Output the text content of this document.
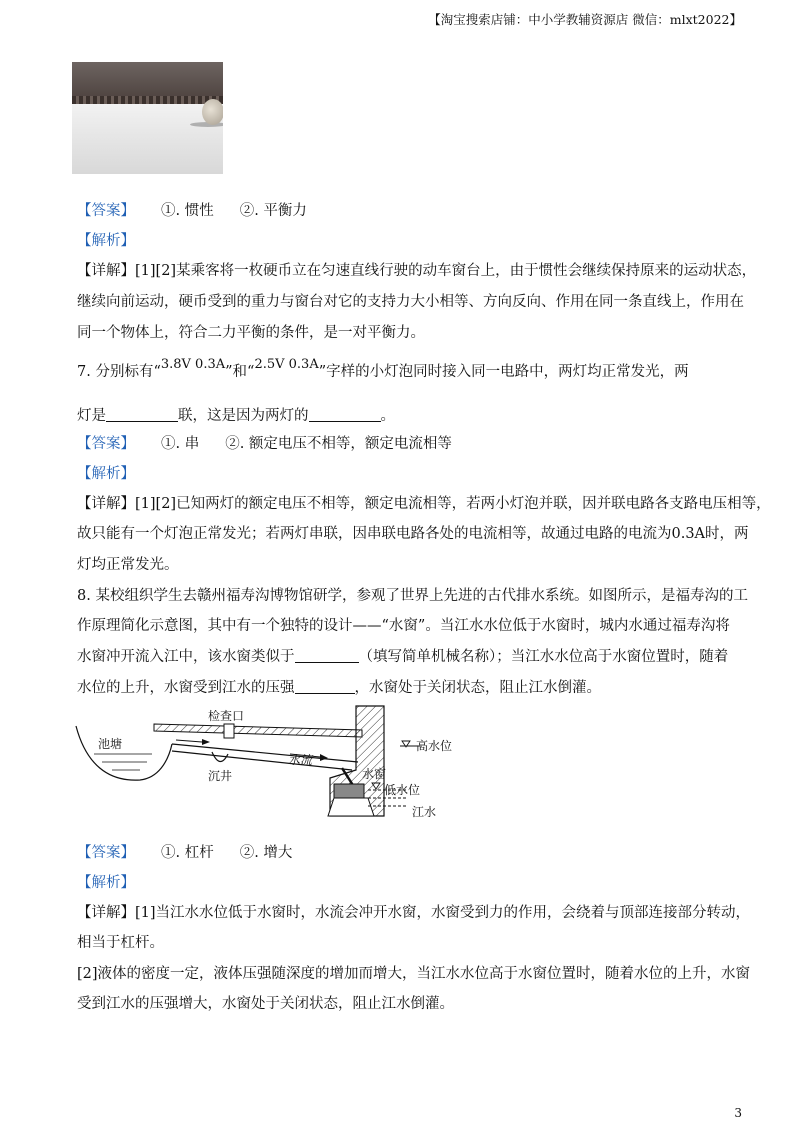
【淘宝搜索店铺：中小学教辅资源店 微信：mlxt2022】
【答案】 ①. 惯性 ②. 平衡力
【解析】
【详解】[1][2]某乘客将一枚硬币立在匀速直线行驶的动车窗台上，由于惯性会继续保持原来的运动状态，
继续向前运动，硬币受到的重力与窗台对它的支持力大小相等、方向反向、作用在同一条直线上，作用在
同一个物体上，符合二力平衡的条件，是一对平衡力。
7. 分别标有“3.8V 0.3A”和“2.5V 0.3A”字样的小灯泡同时接入同一电路中，两灯均正常发光，两
灯是	联，这是因为两灯的	。
【答案】 ①. 串 ②. 额定电压不相等，额定电流相等
【解析】
【详解】[1][2]已知两灯的额定电压不相等，额定电流相等，若两小灯泡并联，因并联电路各支路电压相等，
故只能有一个灯泡正常发光；若两灯串联，因串联电路各处的电流相等，故通过电路的电流为0.3A时，两
灯均正常发光。
8. 某校组织学生去赣州福寿沟博物馆研学，参观了世界上先进的古代排水系统。如图所示，是福寿沟的工
作原理简化示意图，其中有一个独特的设计——“水窗”。当江水水位低于水窗时，城内水通过福寿沟将
水窗冲开流入江中，该水窗类似于	（填写简单机械名称）；当江水水位高于水窗位置时，随着
水位的上升，水窗受到江水的压强	，水窗处于关闭状态，阻止江水倒灌。
池塘
检查口
沉井
水流
水窗
高水位
低水位
江水
【答案】 ①. 杠杆 ②. 增大
【解析】
【详解】[1]当江水水位低于水窗时，水流会冲开水窗，水窗受到力的作用，会绕着与顶部连接部分转动，
相当于杠杆。
[2]液体的密度一定，液体压强随深度的增加而增大，当江水水位高于水窗位置时，随着水位的上升，水窗
受到江水的压强增大，水窗处于关闭状态，阻止江水倒灌。
3
